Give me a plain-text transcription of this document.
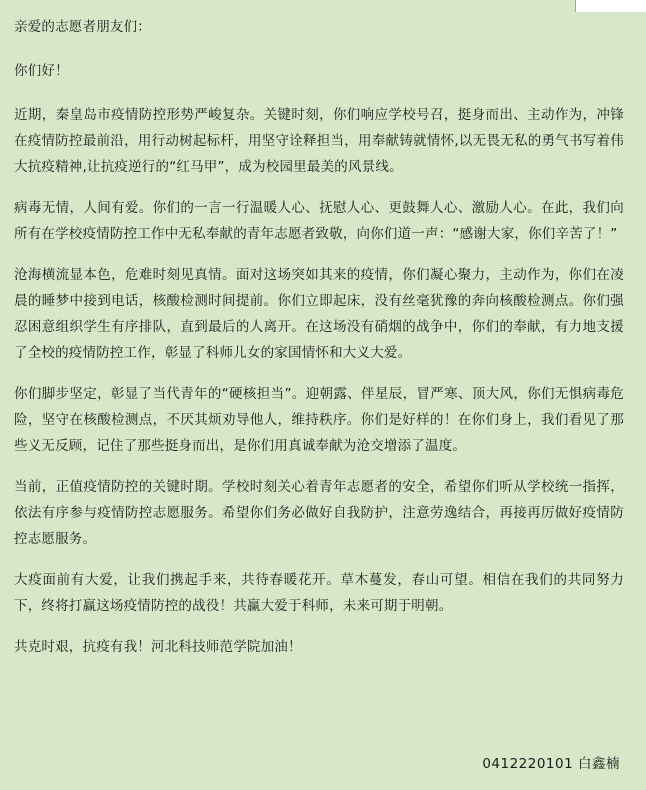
亲爱的志愿者朋友们：

你们好！

近期，秦皇岛市疫情防控形势严峻复杂。关键时刻，你们响应学校号召，挺身而出、主动作为，冲锋在疫情防控最前沿，用行动树起标杆，用坚守诠释担当，用奉献铸就情怀,以无畏无私的勇气书写着伟大抗疫精神,让抗疫逆行的“红马甲”，成为校园里最美的风景线。

病毒无情，人间有爱。你们的一言一行温暖人心、抚慰人心、更鼓舞人心、激励人心。在此，我们向所有在学校疫情防控工作中无私奉献的青年志愿者致敬，向你们道一声：“感谢大家，你们辛苦了！”

沧海横流显本色，危难时刻见真情。面对这场突如其来的疫情，你们凝心聚力，主动作为，你们在凌晨的睡梦中接到电话，核酸检测时间提前。你们立即起床，没有丝毫犹豫的奔向核酸检测点。你们强忍困意组织学生有序排队，直到最后的人离开。在这场没有硝烟的战争中，你们的奉献，有力地支援了全校的疫情防控工作，彰显了科师儿女的家国情怀和大义大爱。

你们脚步坚定，彰显了当代青年的“硬核担当”。迎朝露、伴星辰，冒严寒、顶大风，你们无惧病毒危险，坚守在核酸检测点，不厌其烦劝导他人，维持秩序。你们是好样的！在你们身上，我们看见了那些义无反顾，记住了那些挺身而出，是你们用真诚奉献为沧交增添了温度。

当前，正值疫情防控的关键时期。学校时刻关心着青年志愿者的安全，希望你们听从学校统一指挥，依法有序参与疫情防控志愿服务。希望你们务必做好自我防护，注意劳逸结合，再接再厉做好疫情防控志愿服务。

大疫面前有大爱，让我们携起手来，共待春暖花开。草木蔓发，春山可望。相信在我们的共同努力下，终将打赢这场疫情防控的战役！共赢大爱于科师，未来可期于明朝。

共克时艰，抗疫有我！河北科技师范学院加油！

0412220101 白鑫楠
